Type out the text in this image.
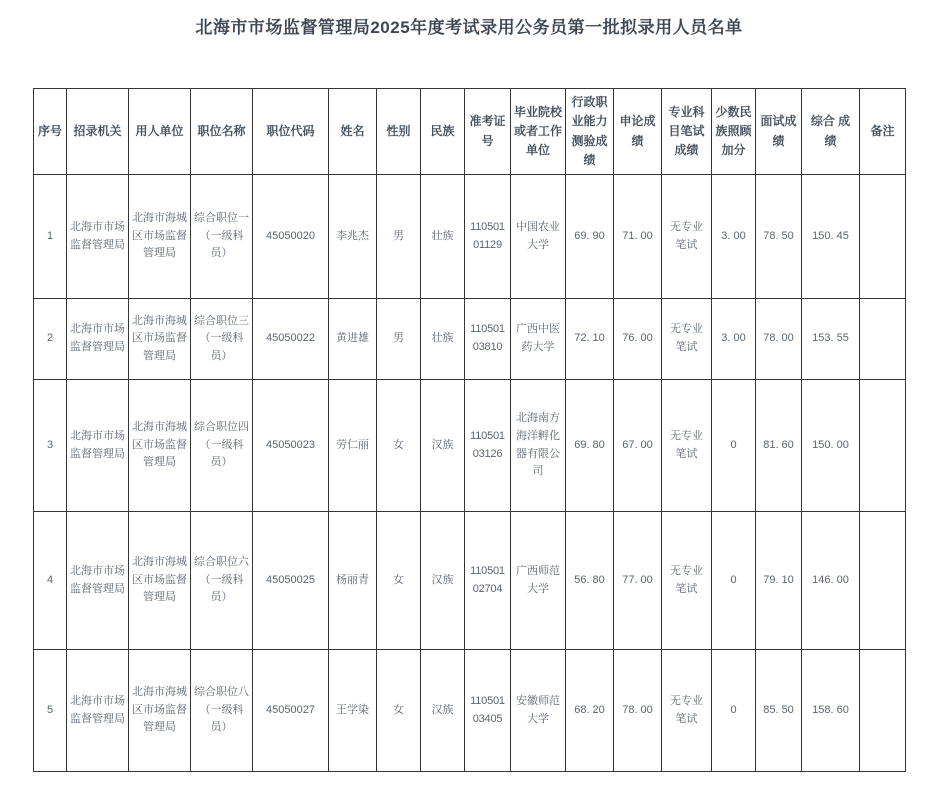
北海市市场监督管理局2025年度考试录用公务员第一批拟录用人员名单
序号	招录机关	用人单位	职位名称	职位代码	姓名	性别	民族	准考证号	毕业院校或者工作单位	行政职业能力测验成绩	申论成绩	专业科目笔试成绩	少数民族照顾加分	面试成绩	综合 成绩	备注
1	北海市市场监督管理局	北海市海城区市场监督管理局	综合职位一（一级科员）	45050020	李兆杰	男	壮族	110501 01129	中国农业大学	69. 90	71. 00	无专业笔试	3. 00	78. 50	150. 45	
2	北海市市场监督管理局	北海市海城区市场监督管理局	综合职位三（一级科员）	45050022	黄进雄	男	壮族	110501 03810	广西中医药大学	72. 10	76. 00	无专业笔试	3. 00	78. 00	153. 55	
3	北海市市场监督管理局	北海市海城区市场监督管理局	综合职位四（一级科员）	45050023	劳仁丽	女	汉族	110501 03126	北海南方海洋孵化器有限公司	69. 80	67. 00	无专业笔试	0	81. 60	150. 00	
4	北海市市场监督管理局	北海市海城区市场监督管理局	综合职位六（一级科员）	45050025	杨丽青	女	汉族	110501 02704	广西师范大学	56. 80	77. 00	无专业笔试	0	79. 10	146. 00	
5	北海市市场监督管理局	北海市海城区市场监督管理局	综合职位八（一级科员）	45050027	王学染	女	汉族	110501 03405	安徽师范大学	68. 20	78. 00	无专业笔试	0	85. 50	158. 60	
